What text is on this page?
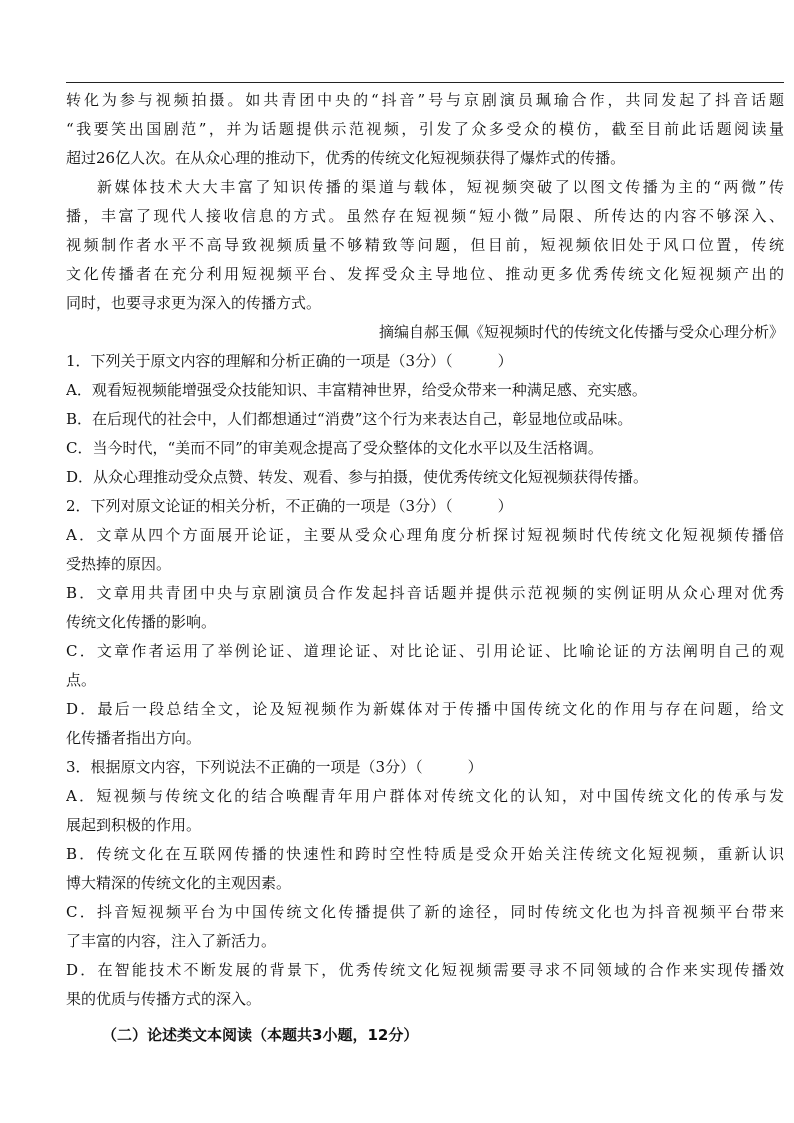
转化为参与视频拍摄。如共青团中央的“抖音”号与京剧演员珮瑜合作，共同发起了抖音话题
“我要笑出国剧范”，并为话题提供示范视频，引发了众多受众的模仿，截至目前此话题阅读量
超过26亿人次。在从众心理的推动下，优秀的传统文化短视频获得了爆炸式的传播。
新媒体技术大大丰富了知识传播的渠道与载体，短视频突破了以图文传播为主的“两微”传
播，丰富了现代人接收信息的方式。虽然存在短视频“短小微”局限、所传达的内容不够深入、
视频制作者水平不高导致视频质量不够精致等问题，但目前，短视频依旧处于风口位置，传统
文化传播者在充分利用短视频平台、发挥受众主导地位、推动更多优秀传统文化短视频产出的
同时，也要寻求更为深入的传播方式。
摘编自郝玉佩《短视频时代的传统文化传播与受众心理分析》
1．下列关于原文内容的理解和分析正确的一项是（3分）（　　　）
A．观看短视频能增强受众技能知识、丰富精神世界，给受众带来一种满足感、充实感。
B．在后现代的社会中，人们都想通过“消费”这个行为来表达自己，彰显地位或品味。
C．当今时代，“美而不同”的审美观念提高了受众整体的文化水平以及生活格调。
D．从众心理推动受众点赞、转发、观看、参与拍摄，使优秀传统文化短视频获得传播。
2．下列对原文论证的相关分析，不正确的一项是（3分）（　　　）
A．文章从四个方面展开论证，主要从受众心理角度分析探讨短视频时代传统文化短视频传播倍
受热捧的原因。
B．文章用共青团中央与京剧演员合作发起抖音话题并提供示范视频的实例证明从众心理对优秀
传统文化传播的影响。
C．文章作者运用了举例论证、道理论证、对比论证、引用论证、比喻论证的方法阐明自己的观
点。
D．最后一段总结全文，论及短视频作为新媒体对于传播中国传统文化的作用与存在问题，给文
化传播者指出方向。
3．根据原文内容，下列说法不正确的一项是（3分）（　　　）
A．短视频与传统文化的结合唤醒青年用户群体对传统文化的认知，对中国传统文化的传承与发
展起到积极的作用。
B．传统文化在互联网传播的快速性和跨时空性特质是受众开始关注传统文化短视频，重新认识
博大精深的传统文化的主观因素。
C．抖音短视频平台为中国传统文化传播提供了新的途径，同时传统文化也为抖音视频平台带来
了丰富的内容，注入了新活力。
D．在智能技术不断发展的背景下，优秀传统文化短视频需要寻求不同领域的合作来实现传播效
果的优质与传播方式的深入。
（二）论述类文本阅读（本题共3小题，12分）
